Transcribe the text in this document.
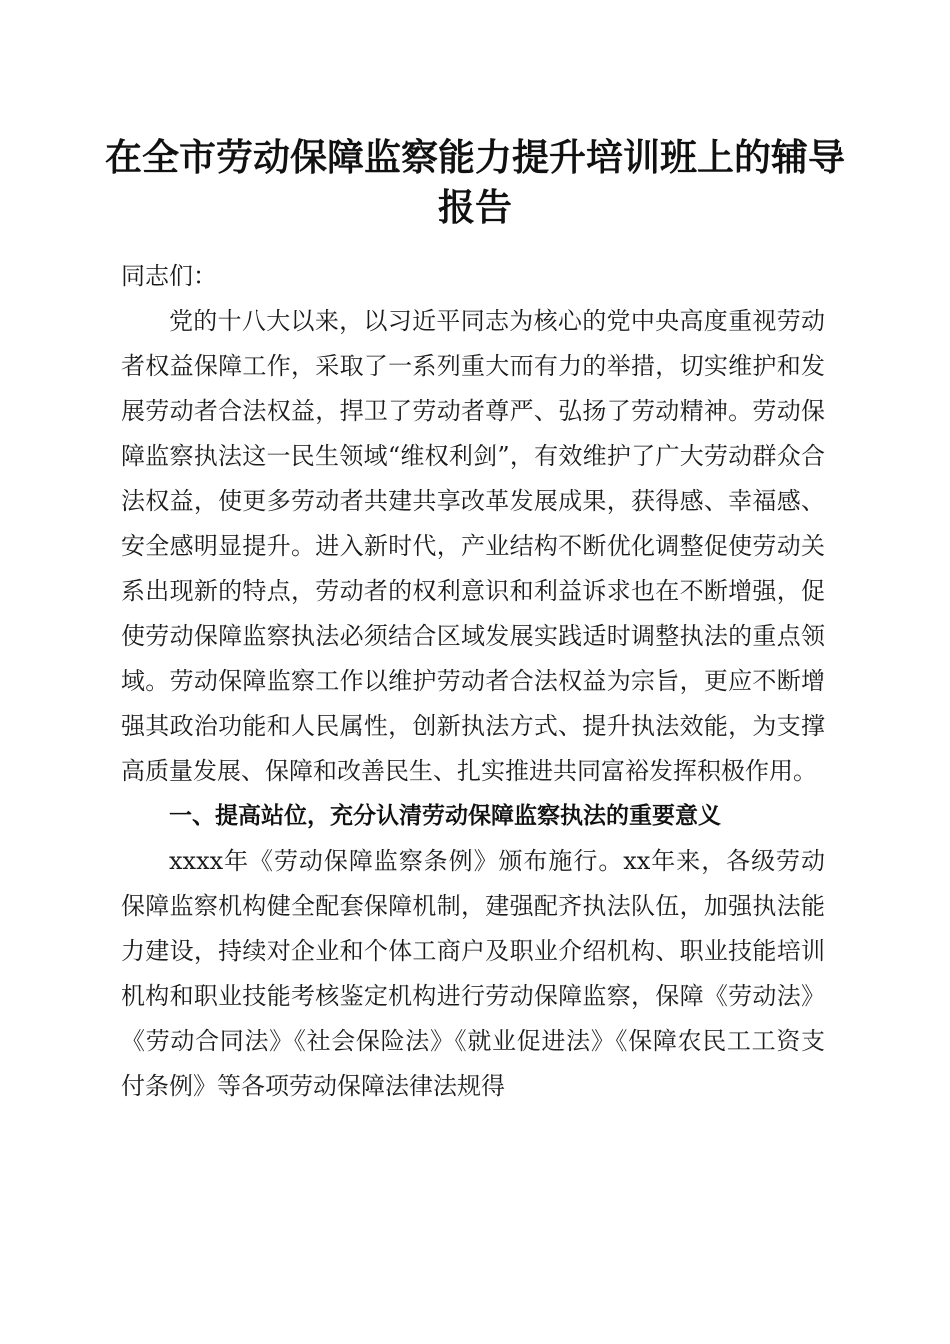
在全市劳动保障监察能力提升培训班上的辅导报告

同志们：

党的十八大以来，以习近平同志为核心的党中央高度重视劳动者权益保障工作，采取了一系列重大而有力的举措，切实维护和发展劳动者合法权益，捍卫了劳动者尊严、弘扬了劳动精神。劳动保障监察执法这一民生领域“维权利剑”，有效维护了广大劳动群众合法权益，使更多劳动者共建共享改革发展成果，获得感、幸福感、安全感明显提升。进入新时代，产业结构不断优化调整促使劳动关系出现新的特点，劳动者的权利意识和利益诉求也在不断增强，促使劳动保障监察执法必须结合区域发展实践适时调整执法的重点领域。劳动保障监察工作以维护劳动者合法权益为宗旨，更应不断增强其政治功能和人民属性，创新执法方式、提升执法效能，为支撑高质量发展、保障和改善民生、扎实推进共同富裕发挥积极作用。

一、提高站位，充分认清劳动保障监察执法的重要意义

xxxx年《劳动保障监察条例》颁布施行。xx年来，各级劳动保障监察机构健全配套保障机制，建强配齐执法队伍，加强执法能力建设，持续对企业和个体工商户及职业介绍机构、职业技能培训机构和职业技能考核鉴定机构进行劳动保障监察，保障《劳动法》《劳动合同法》《社会保险法》《就业促进法》《保障农民工工资支付条例》等各项劳动保障法律法规得
